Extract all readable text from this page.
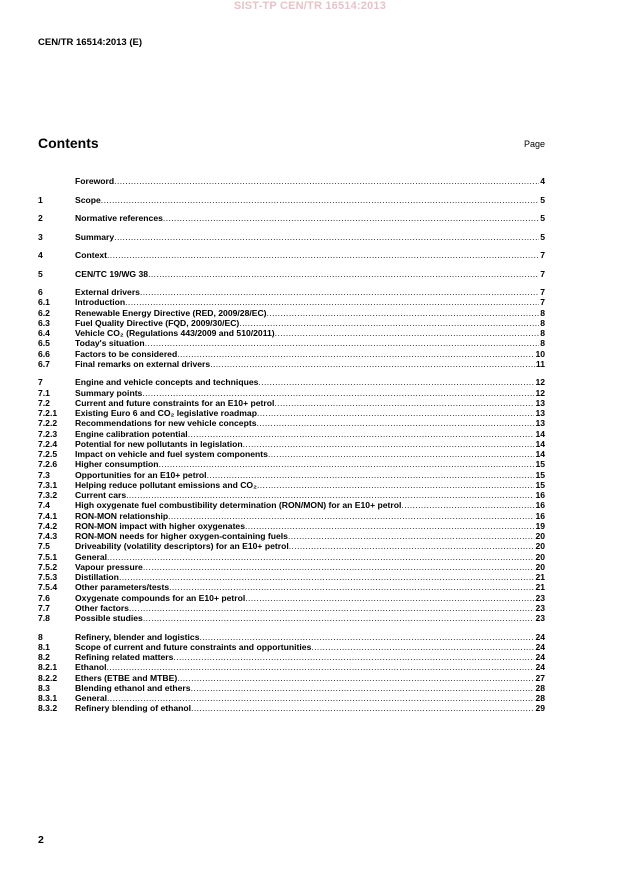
SIST-TP CEN/TR 16514:2013
CEN/TR 16514:2013 (E)
Contents	Page
Foreword .....	4
1	Scope .....	5
2	Normative references .....	5
3	Summary .....	5
4	Context .....	7
5	CEN/TC 19/WG 38 .....	7
6	External drivers .....	7
6.1	Introduction .....	7
6.2	Renewable Energy Directive (RED, 2009/28/EC) .....	8
6.3	Fuel Quality Directive (FQD, 2009/30/EC) .....	8
6.4	Vehicle CO₂ (Regulations 443/2009 and 510/2011) .....	8
6.5	Today's situation .....	8
6.6	Factors to be considered .....	10
6.7	Final remarks on external drivers .....	11
7	Engine and vehicle concepts and techniques .....	12
7.1	Summary points .....	12
7.2	Current and future constraints for an E10+ petrol .....	13
7.2.1	Existing Euro 6 and CO₂ legislative roadmap .....	13
7.2.2	Recommendations for new vehicle concepts .....	13
7.2.3	Engine calibration potential .....	14
7.2.4	Potential for new pollutants in legislation .....	14
7.2.5	Impact on vehicle and fuel system components .....	14
7.2.6	Higher consumption .....	15
7.3	Opportunities for an E10+ petrol .....	15
7.3.1	Helping reduce pollutant emissions and CO₂ .....	15
7.3.2	Current cars .....	16
7.4	High oxygenate fuel combustibility determination (RON/MON) for an E10+ petrol .....	16
7.4.1	RON-MON relationship .....	16
7.4.2	RON-MON impact with higher oxygenates .....	19
7.4.3	RON-MON needs for higher oxygen-containing fuels .....	20
7.5	Driveability (volatility descriptors) for an E10+ petrol .....	20
7.5.1	General .....	20
7.5.2	Vapour pressure .....	20
7.5.3	Distillation .....	21
7.5.4	Other parameters/tests .....	21
7.6	Oxygenate compounds for an E10+ petrol .....	23
7.7	Other factors .....	23
7.8	Possible studies .....	23
8	Refinery, blender and logistics .....	24
8.1	Scope of current and future constraints and opportunities .....	24
8.2	Refining related matters .....	24
8.2.1	Ethanol .....	24
8.2.2	Ethers (ETBE and MTBE) .....	27
8.3	Blending ethanol and ethers .....	28
8.3.1	General .....	28
8.3.2	Refinery blending of ethanol .....	29
2
